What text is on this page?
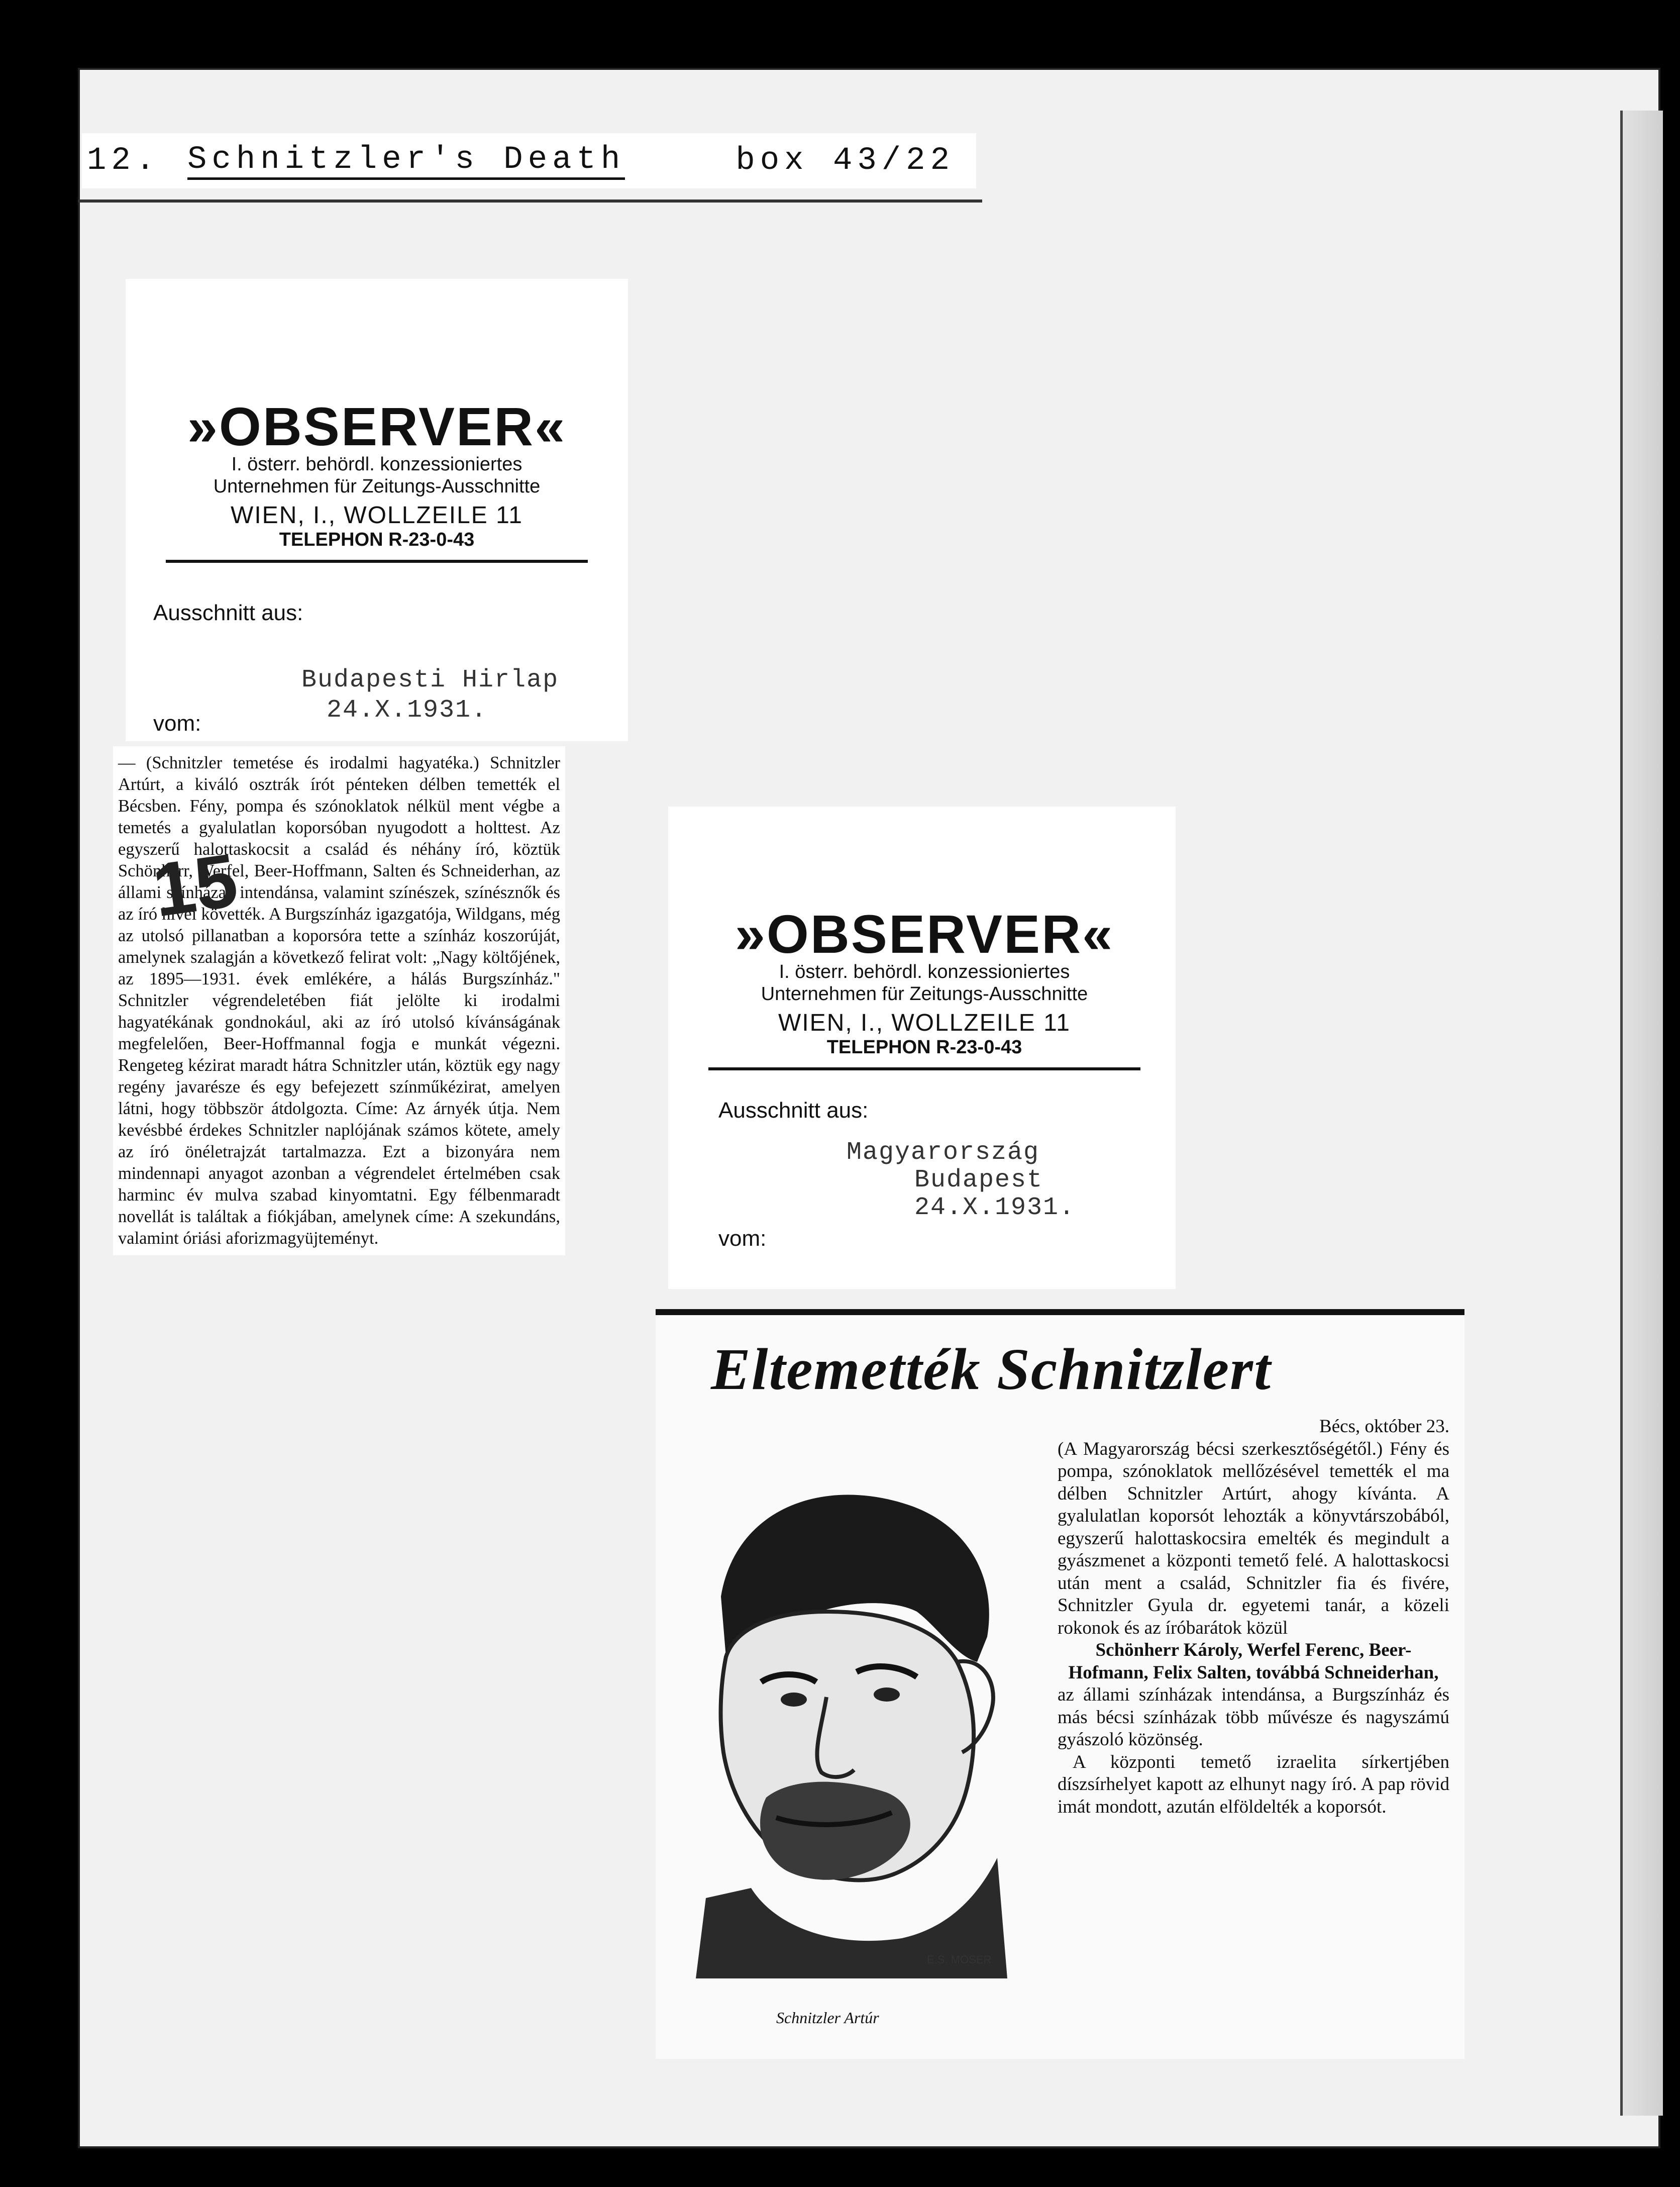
12. Schnitzler's Death	box 43/22
»OBSERVER«
I. österr. behördl. konzessioniertes
Unternehmen für Zeitungs-Ausschnitte
WIEN, I., WOLLZEILE 11
TELEPHON R-23-0-43
Ausschnitt aus:
Budapesti Hirlap
24.X.1931.
vom:

— (Schnitzler temetése és irodalmi hagyatéka.) Schnitzler Artúrt, a kiváló osztrák írót pénteken délben temették el Bécsben. Fény, pompa és szónoklatok nélkül ment végbe a temetés a gyalulatlan koporsóban nyugodott a holttest. Az egyszerű halottaskocsit a család és néhány író, köztük Schönherr, Werfel, Beer-Hoffmann, Salten és Schneiderhan, az állami színházak intendánsa, valamint színészek, színésznők és az író hívei követték. A Burgszínház igazgatója, Wildgans, még az utolsó pillanatban a koporsóra tette a színház koszorúját, amelynek szalagján a következő felirat volt: „Nagy költőjének, az 1895—1931. évek emlékére, a hálás Burgszínház." Schnitzler végrendeletében fiát jelölte ki irodalmi hagyatékának gondnokául, aki az író utolsó kívánságának megfelelően, Beer-Hoffmannal fogja e munkát végezni. Rengeteg kézirat maradt hátra Schnitzler után, köztük egy nagy regény javarésze és egy befejezett színműkézirat, amelyen látni, hogy többször átdolgozta. Címe: Az árnyék útja. Nem kevésbbé érdekes Schnitzler naplójának számos kötete, amely az író önéletrajzát tartalmazza. Ezt a bizonyára nem mindennapi anyagot azonban a végrendelet értelmében csak harminc év mulva szabad kinyomtatni. Egy félbenmaradt novellát is találtak a fiókjában, amelynek címe: A szekundáns, valamint óriási aforizmagyüjteményt.

15
»OBSERVER«
I. österr. behördl. konzessioniertes
Unternehmen für Zeitungs-Ausschnitte
WIEN, I., WOLLZEILE 11
TELEPHON R-23-0-43
Ausschnitt aus:
Magyarország
Budapest
24.X.1931.
vom:
Eltemették Schnitzlert
E.S. MOSER
Schnitzler Artúr

Bécs, október 23.

(A Magyarország bécsi szerkesztőségétől.) Fény és pompa, szónoklatok mellőzésével temették el ma délben Schnitzler Artúrt, ahogy kívánta. A gyalulatlan koporsót lehozták a könyvtárszobából, egyszerű halottaskocsira emelték és megindult a gyászmenet a központi temető felé. A halottaskocsi után ment a család, Schnitzler fia és fivére, Schnitzler Gyula dr. egyetemi tanár, a közeli rokonok és az íróbarátok közül

Schönherr Károly, Werfel Ferenc, Beer-Hofmann, Felix Salten, továbbá Schneiderhan,

az állami színházak intendánsa, a Burgszínház és más bécsi színházak több művésze és nagyszámú gyászoló közönség.

A központi temető izraelita sírkertjében díszsírhelyet kapott az elhunyt nagy író. A pap rövid imát mondott, azután elföldelték a koporsót.
